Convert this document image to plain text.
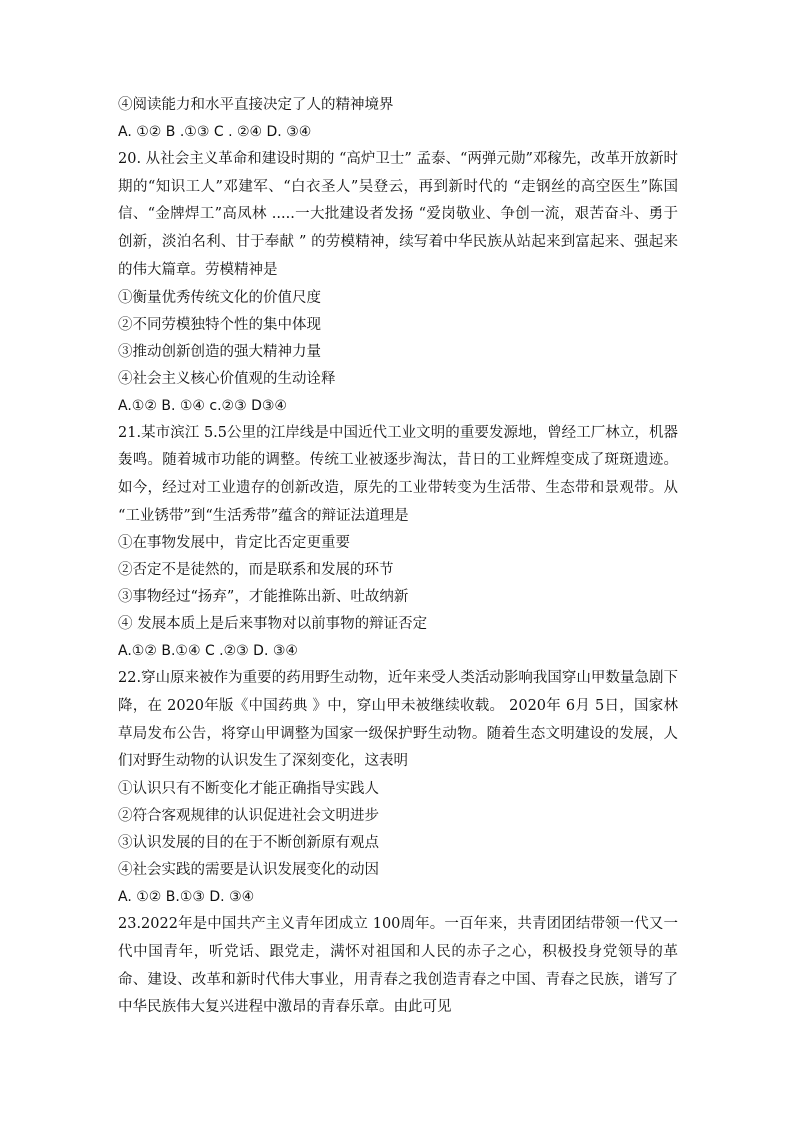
④阅读能力和水平直接决定了人的精神境界
A. ①② B .①③ C . ②④ D. ③④
20. 从社会主义革命和建设时期的 “高炉卫士” 孟泰、“两弹元勋”邓稼先，改革开放新时期的“知识工人”邓建军、“白衣圣人”吴登云，再到新时代的 “走钢丝的高空医生”陈国信、“金牌焊工”高凤林 .....一大批建设者发扬 “爱岗敬业、争创一流，艰苦奋斗、勇于创新，淡泊名利、甘于奉献 ” 的劳模精神，续写着中华民族从站起来到富起来、强起来的伟大篇章。劳模精神是
①衡量优秀传统文化的价值尺度
②不同劳模独特个性的集中体现
③推动创新创造的强大精神力量
④社会主义核心价值观的生动诠释
A.①② B. ①④ c.②③ D③④
21.某市滨江 5.5公里的江岸线是中国近代工业文明的重要发源地，曾经工厂林立，机器轰鸣。随着城市功能的调整。传统工业被逐步淘汰，昔日的工业辉煌变成了斑斑遗迹。如今，经过对工业遗存的创新改造，原先的工业带转变为生活带、生态带和景观带。从 “工业锈带”到“生活秀带”蕴含的辩证法道理是
①在事物发展中，肯定比否定更重要
②否定不是徒然的，而是联系和发展的环节
③事物经过“扬弃”，才能推陈出新、吐故纳新
④ 发展本质上是后来事物对以前事物的辩证否定
A.①② B.①④ C .②③ D. ③④
22.穿山原来被作为重要的药用野生动物，近年来受人类活动影响我国穿山甲数量急剧下降，在 2020年版《中国药典 》中，穿山甲未被继续收载。 2020年 6月 5日，国家林草局发布公告，将穿山甲调整为国家一级保护野生动物。随着生态文明建设的发展，人们对野生动物的认识发生了深刻变化，这表明
①认识只有不断变化才能正确指导实践人
②符合客观规律的认识促进社会文明进步
③认识发展的目的在于不断创新原有观点
④社会实践的需要是认识发展变化的动因
A. ①② B.①③ D. ③④
23.2022年是中国共产主义青年团成立 100周年。一百年来，共青团团结带领一代又一代中国青年，听党话、跟党走，满怀对祖国和人民的赤子之心，积极投身党领导的革命、建设、改革和新时代伟大事业，用青春之我创造青春之中国、青春之民族，谱写了中华民族伟大复兴进程中激昂的青春乐章。由此可见
